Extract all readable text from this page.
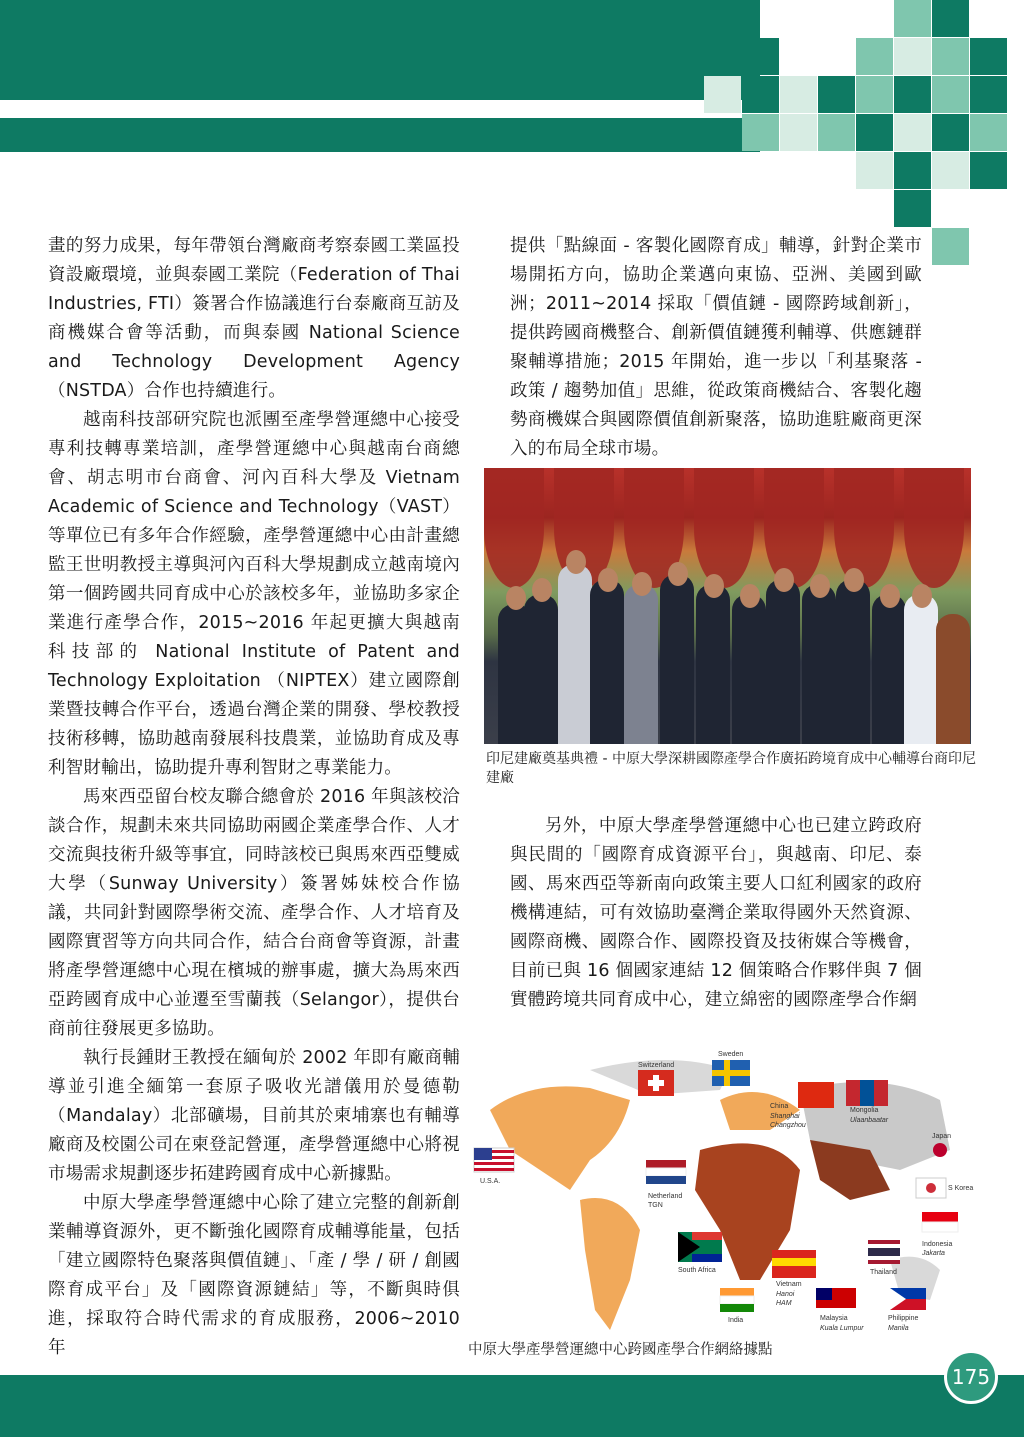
畫的努力成果，每年帶領台灣廠商考察泰國工業區投資設廠環境，並與泰國工業院（Federation of Thai Industries, FTI）簽署合作協議進行台泰廠商互訪及商機媒合會等活動，而與泰國 National Science and Technology Development Agency（NSTDA）合作也持續進行。

越南科技部研究院也派團至產學營運總中心接受專利技轉專業培訓，產學營運總中心與越南台商總會、胡志明市台商會、河內百科大學及 Vietnam Academic of Science and Technology（VAST）等單位已有多年合作經驗，產學營運總中心由計畫總監王世明教授主導與河內百科大學規劃成立越南境內第一個跨國共同育成中心於該校多年，並協助多家企業進行產學合作，2015~2016 年起更擴大與越南科技部的 National Institute of Patent and Technology Exploitation （NIPTEX）建立國際創業暨技轉合作平台，透過台灣企業的開發、學校教授技術移轉，協助越南發展科技農業，並協助育成及專利智財輸出，協助提升專利智財之專業能力。

馬來西亞留台校友聯合總會於 2016 年與該校洽談合作，規劃未來共同協助兩國企業產學合作、人才交流與技術升級等事宜，同時該校已與馬來西亞雙威大學（Sunway University）簽署姊妹校合作協議，共同針對國際學術交流、產學合作、人才培育及國際實習等方向共同合作，結合台商會等資源，計畫將產學營運總中心現在檳城的辦事處，擴大為馬來西亞跨國育成中心並遷至雪蘭莪（Selangor），提供台商前往發展更多協助。

執行長鍾財王教授在緬甸於 2002 年即有廠商輔導並引進全緬第一套原子吸收光譜儀用於曼德勒（Mandalay）北部礦場，目前其於柬埔寨也有輔導廠商及校園公司在柬登記營運，產學營運總中心將視市場需求規劃逐步拓建跨國育成中心新據點。

中原大學產學營運總中心除了建立完整的創新創業輔導資源外，更不斷強化國際育成輔導能量，包括「建立國際特色聚落與價值鏈」、「產 / 學 / 研 / 創國際育成平台」及「國際資源鏈結」等，不斷與時俱進，採取符合時代需求的育成服務，2006~2010 年

提供「點線面 - 客製化國際育成」輔導，針對企業市場開拓方向，協助企業邁向東協、亞洲、美國到歐洲；2011~2014 採取「價值鏈 - 國際跨域創新」，提供跨國商機整合、創新價值鏈獲利輔導、供應鏈群聚輔導措施；2015 年開始，進一步以「利基聚落 - 政策 / 趨勢加值」思維，從政策商機結合、客製化趨勢商機媒合與國際價值創新聚落，協助進駐廠商更深入的布局全球市場。

印尼建廠奠基典禮 - 中原大學深耕國際產學合作廣拓跨境育成中心輔導台商印尼建廠

另外，中原大學產學營運總中心也已建立跨政府與民間的「國際育成資源平台」，與越南、印尼、泰國、馬來西亞等新南向政策主要人口紅利國家的政府機構連結，可有效協助臺灣企業取得國外天然資源、國際商機、國際合作、國際投資及技術媒合等機會，目前已與 16 個國家連結 12 個策略合作夥伴與 7 個實體跨境共同育成中心，建立綿密的國際產學合作網

U.S.A.
Switzerland
Sweden
Netherland
TGN
China
Shanghai
Changzhou
Mongolia
Ulaanbaatar
Japan
S Korea
Indonesia
Jakarta
Thailand
South Africa
Vietnam
Hanoi
HAM
India	Malaysia
Kuala Lumpur
Philippine
Manila
中原大學產學營運總中心跨國產學合作網絡據點
175
